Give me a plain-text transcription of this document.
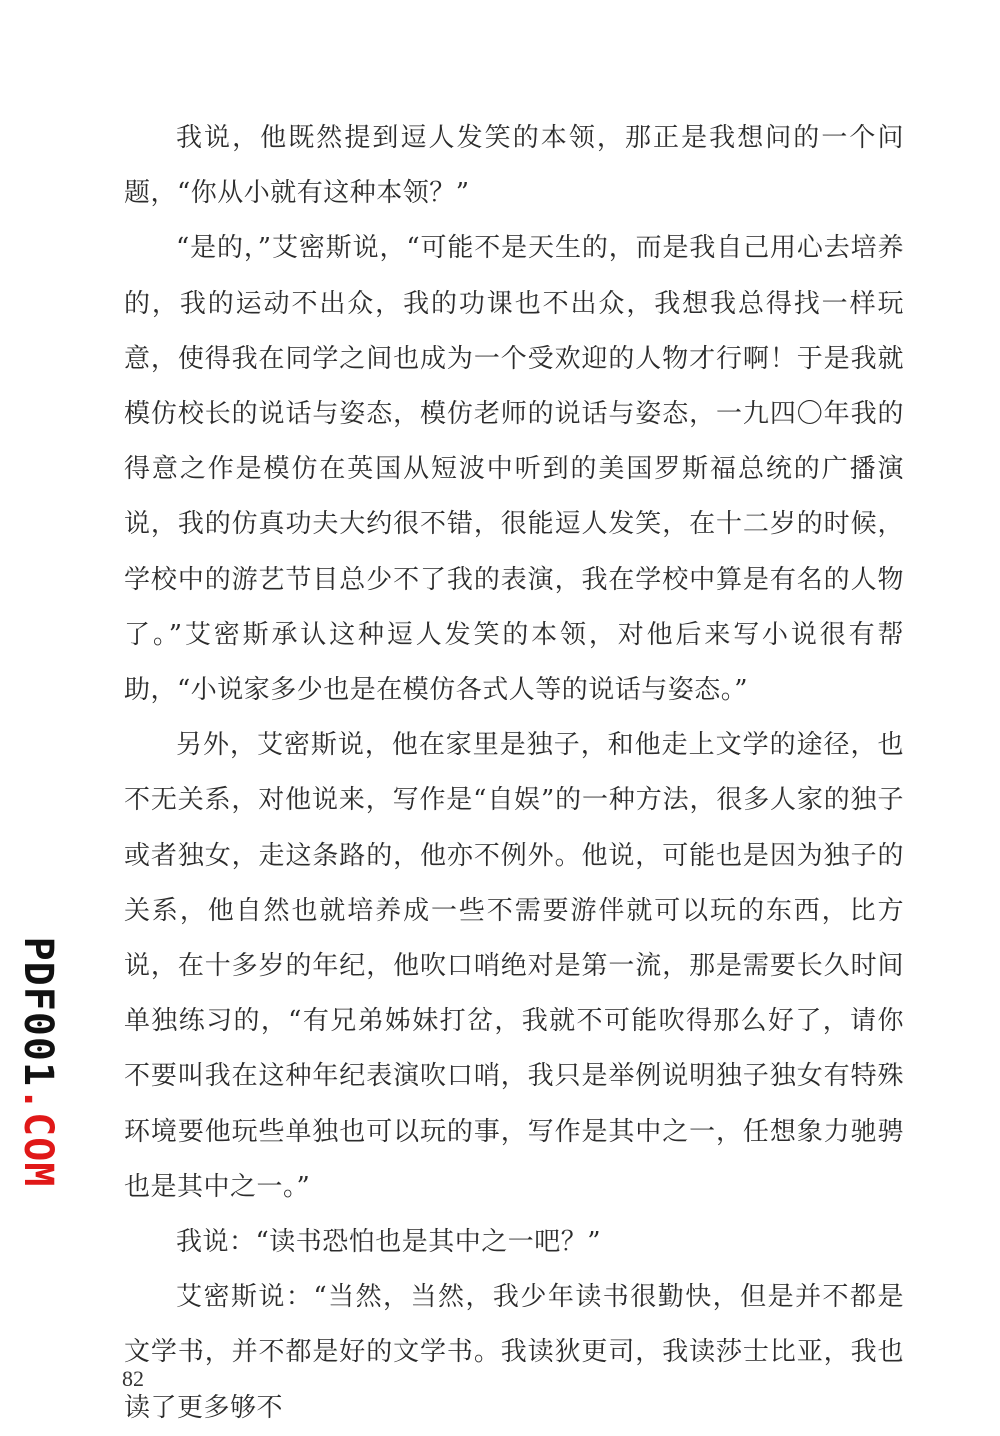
我说，他既然提到逗人发笑的本领，那正是我想问的一个问题，“你从小就有这种本领？”

“是的，”艾密斯说，“可能不是天生的，而是我自己用心去培养的，我的运动不出众，我的功课也不出众，我想我总得找一样玩意，使得我在同学之间也成为一个受欢迎的人物才行啊！于是我就模仿校长的说话与姿态，模仿老师的说话与姿态，一九四〇年我的得意之作是模仿在英国从短波中听到的美国罗斯福总统的广播演说，我的仿真功夫大约很不错，很能逗人发笑，在十二岁的时候，学校中的游艺节目总少不了我的表演，我在学校中算是有名的人物了。”艾密斯承认这种逗人发笑的本领，对他后来写小说很有帮助，“小说家多少也是在模仿各式人等的说话与姿态。”

另外，艾密斯说，他在家里是独子，和他走上文学的途径，也不无关系，对他说来，写作是“自娱”的一种方法，很多人家的独子或者独女，走这条路的，他亦不例外。他说，可能也是因为独子的关系，他自然也就培养成一些不需要游伴就可以玩的东西，比方说，在十多岁的年纪，他吹口哨绝对是第一流，那是需要长久时间单独练习的，“有兄弟姊妹打岔，我就不可能吹得那么好了，请你不要叫我在这种年纪表演吹口哨，我只是举例说明独子独女有特殊环境要他玩些单独也可以玩的事，写作是其中之一，任想象力驰骋也是其中之一。”

我说：“读书恐怕也是其中之一吧？”

艾密斯说：“当然，当然，我少年读书很勤快，但是并不都是文学书，并不都是好的文学书。我读狄更司，我读莎士比亚，我也读了更多够不

PDF001.COM
82
